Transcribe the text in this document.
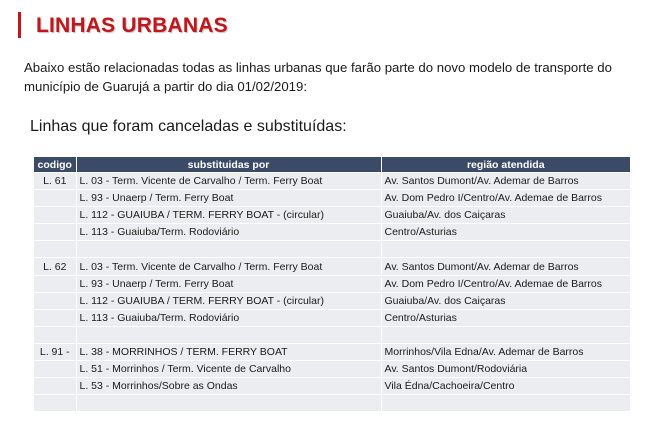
LINHAS URBANAS
Abaixo estão relacionadas todas as linhas urbanas que farão parte do novo modelo de transporte do município de Guarujá a partir do dia 01/02/2019:
Linhas que foram canceladas e substituídas:
codigo	substituidas por	região atendida
L. 61	L. 03 - Term. Vicente de Carvalho / Term. Ferry Boat	Av. Santos Dumont/Av. Ademar de Barros
	L. 93 - Unaerp / Term. Ferry Boat	Av. Dom Pedro I/Centro/Av. Ademae de Barros
	L. 112 - GUAIUBA / TERM. FERRY BOAT - (circular)	Guaiuba/Av. dos Caiçaras
	L. 113 - Guaiuba/Term. Rodoviário	Centro/Asturias

L. 62	L. 03 - Term. Vicente de Carvalho / Term. Ferry Boat	Av. Santos Dumont/Av. Ademar de Barros
	L. 93 - Unaerp / Term. Ferry Boat	Av. Dom Pedro I/Centro/Av. Ademae de Barros
	L. 112 - GUAIUBA / TERM. FERRY BOAT - (circular)	Guaiuba/Av. dos Caiçaras
	L. 113 - Guaiuba/Term. Rodoviário	Centro/Asturias

L. 91 -	L. 38 - MORRINHOS / TERM. FERRY BOAT	Morrinhos/Vila Edna/Av. Ademar de Barros
	L. 51 - Morrinhos / Term. Vicente de Carvalho	Av. Santos Dumont/Rodoviária
	L. 53 - Morrinhos/Sobre as Ondas	Vila Édna/Cachoeira/Centro
